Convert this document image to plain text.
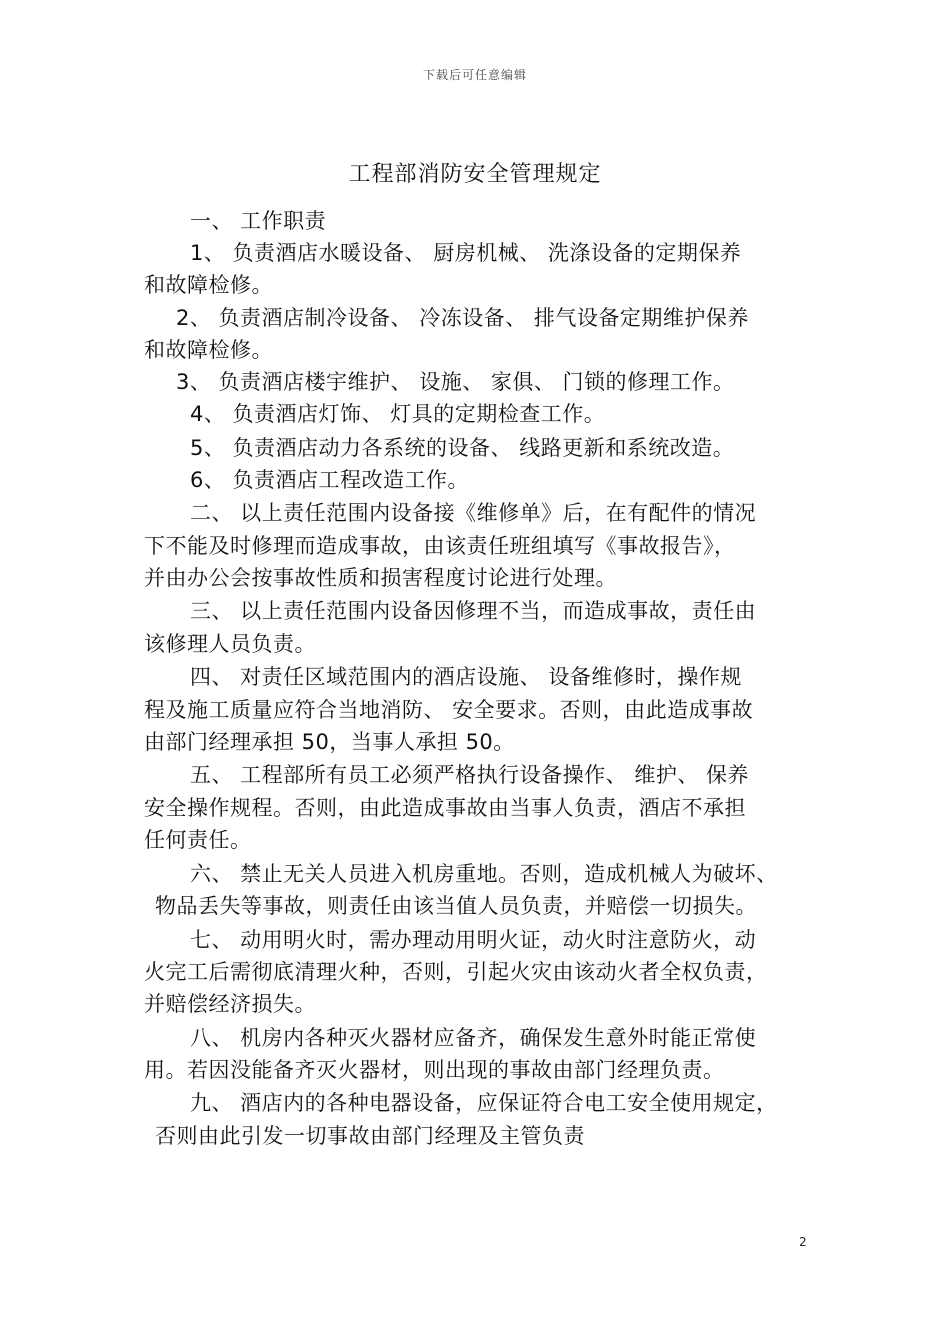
下载后可任意编辑
工程部消防安全管理规定
一、 工作职责
1、 负责酒店水暖设备、 厨房机械、 洗涤设备的定期保养
和故障检修。
2、 负责酒店制冷设备、 冷冻设备、 排气设备定期维护保养
和故障检修。
3、 负责酒店楼宇维护、 设施、 家俱、 门锁的修理工作。
4、 负责酒店灯饰、 灯具的定期检查工作。
5、 负责酒店动力各系统的设备、 线路更新和系统改造。
6、 负责酒店工程改造工作。
二、 以上责任范围内设备接《维修单》后，在有配件的情况
下不能及时修理而造成事故，由该责任班组填写《事故报告》，
并由办公会按事故性质和损害程度讨论进行处理。
三、 以上责任范围内设备因修理不当，而造成事故，责任由
该修理人员负责。
四、 对责任区域范围内的酒店设施、 设备维修时，操作规
程及施工质量应符合当地消防、 安全要求。否则，由此造成事故
由部门经理承担 50，当事人承担 50。
五、 工程部所有员工必须严格执行设备操作、 维护、 保养
安全操作规程。否则，由此造成事故由当事人负责，酒店不承担
任何责任。
六、 禁止无关人员进入机房重地。否则，造成机械人为破坏、
物品丢失等事故，则责任由该当值人员负责，并赔偿一切损失。
七、 动用明火时，需办理动用明火证，动火时注意防火，动
火完工后需彻底清理火种，否则，引起火灾由该动火者全权负责，
并赔偿经济损失。
八、 机房内各种灭火器材应备齐，确保发生意外时能正常使
用。若因没能备齐灭火器材，则出现的事故由部门经理负责。
九、 酒店内的各种电器设备，应保证符合电工安全使用规定，
否则由此引发一切事故由部门经理及主管负责
2
